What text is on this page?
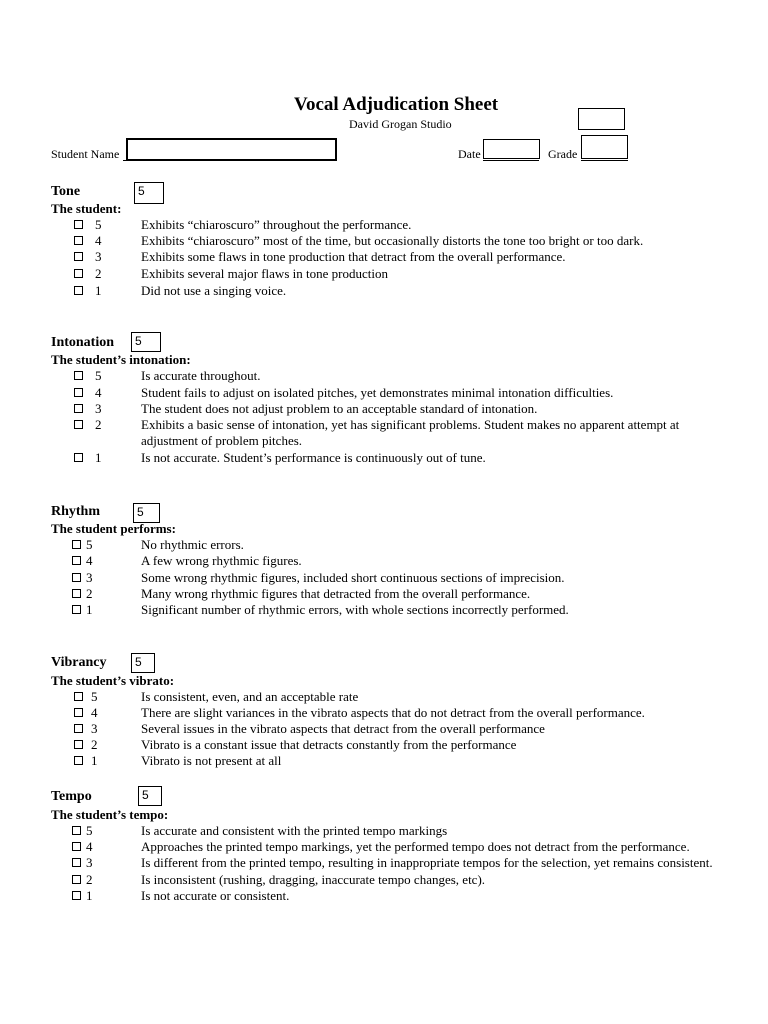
Vocal Adjudication Sheet
David Grogan Studio
Student Name	Date	Grade
Tone	5
The student:
5	Exhibits “chiaroscuro” throughout the performance.
4	Exhibits “chiaroscuro” most of the time, but occasionally distorts the tone too bright or too dark.
3	Exhibits some flaws in tone production that detract from the overall performance.
2	Exhibits several major flaws in tone production
1	Did not use a singing voice.
Intonation	5
The student’s intonation:
5	Is accurate throughout.
4	Student fails to adjust on isolated pitches, yet demonstrates minimal intonation difficulties.
3	The student does not adjust problem to an acceptable standard of intonation.
2	Exhibits a basic sense of intonation, yet has significant problems. Student makes no apparent attempt at adjustment of problem pitches.
1	Is not accurate. Student’s performance is continuously out of tune.
Rhythm	5
The student performs:
5	No rhythmic errors.
4	A few wrong rhythmic figures.
3	Some wrong rhythmic figures, included short continuous sections of imprecision.
2	Many wrong rhythmic figures that detracted from the overall performance.
1	Significant number of rhythmic errors, with whole sections incorrectly performed.
Vibrancy	5
The student’s vibrato:
5	Is consistent, even, and an acceptable rate
4	There are slight variances in the vibrato aspects that do not detract from the overall performance.
3	Several issues in the vibrato aspects that detract from the overall performance
2	Vibrato is a constant issue that detracts constantly from the performance
1	Vibrato is not present at all
Tempo	5
The student’s tempo:
5	Is accurate and consistent with the printed tempo markings
4	Approaches the printed tempo markings, yet the performed tempo does not detract from the performance.
3	Is different from the printed tempo, resulting in inappropriate tempos for the selection, yet remains consistent.
2	Is inconsistent (rushing, dragging, inaccurate tempo changes, etc).
1	Is not accurate or consistent.
